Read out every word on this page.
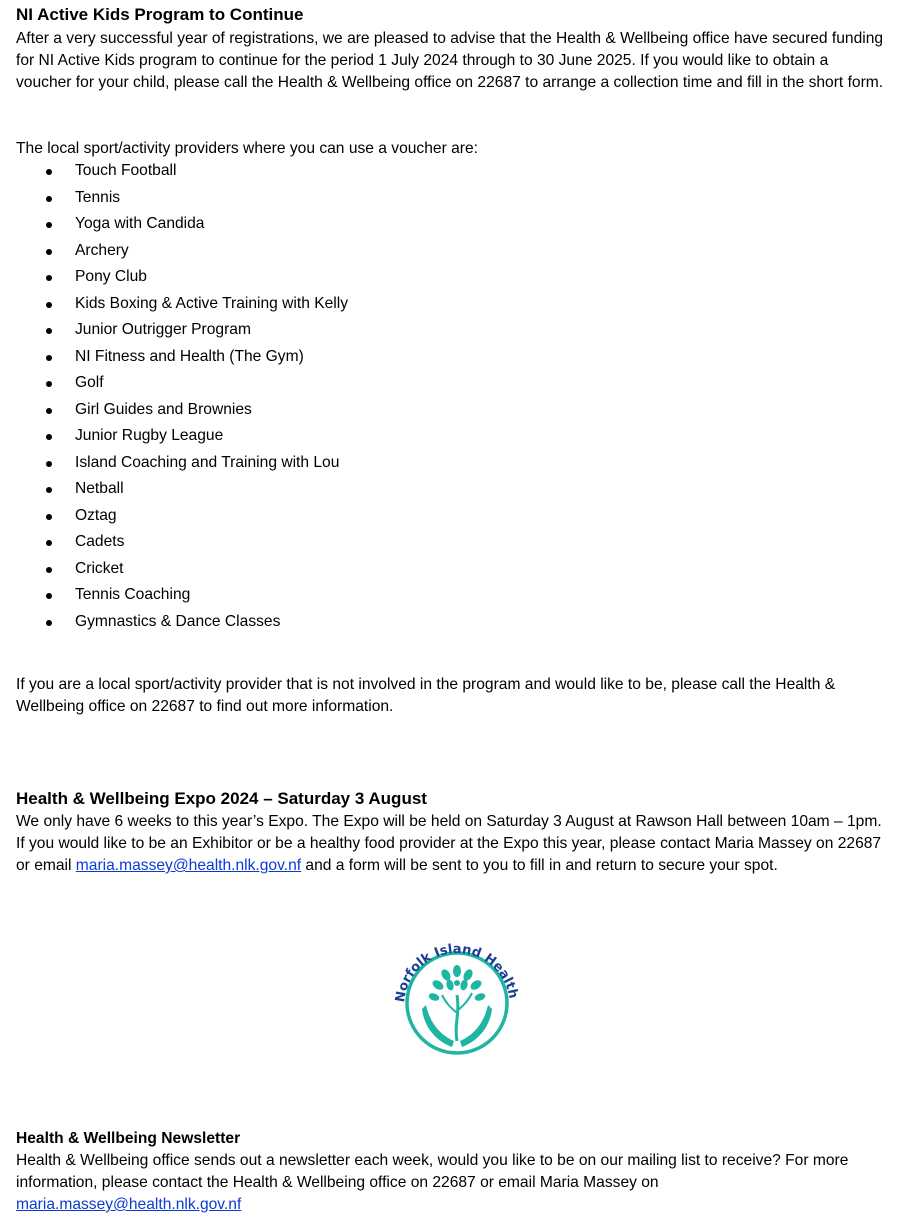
NI Active Kids Program to Continue

After a very successful year of registrations, we are pleased to advise that the Health & Wellbeing office have secured funding for NI Active Kids program to continue for the period 1 July 2024 through to 30 June 2025. If you would like to obtain a voucher for your child, please call the Health & Wellbeing office on 22687 to arrange a collection time and fill in the short form.

The local sport/activity providers where you can use a voucher are:

Touch Football
Tennis
Yoga with Candida
Archery
Pony Club
Kids Boxing & Active Training with Kelly
Junior Outrigger Program
NI Fitness and Health (The Gym)
Golf
Girl Guides and Brownies
Junior Rugby League
Island Coaching and Training with Lou
Netball
Oztag
Cadets
Cricket
Tennis Coaching
Gymnastics & Dance Classes

If you are a local sport/activity provider that is not involved in the program and would like to be, please call the Health & Wellbeing office on 22687 to find out more information.

Health & Wellbeing Expo 2024 – Saturday 3 August

We only have 6 weeks to this year’s Expo. The Expo will be held on Saturday 3 August at Rawson Hall between 10am – 1pm. If you would like to be an Exhibitor or be a healthy food provider at the Expo this year, please contact Maria Massey on 22687 or email maria.massey@health.nlk.gov.nf and a form will be sent to you to fill in and return to secure your spot.

Norfolk Island Health
Health & Wellbeing Newsletter

Health & Wellbeing office sends out a newsletter each week, would you like to be on our mailing list to receive? For more information, please contact the Health & Wellbeing office on 22687 or email Maria Massey on
maria.massey@health.nlk.gov.nf
